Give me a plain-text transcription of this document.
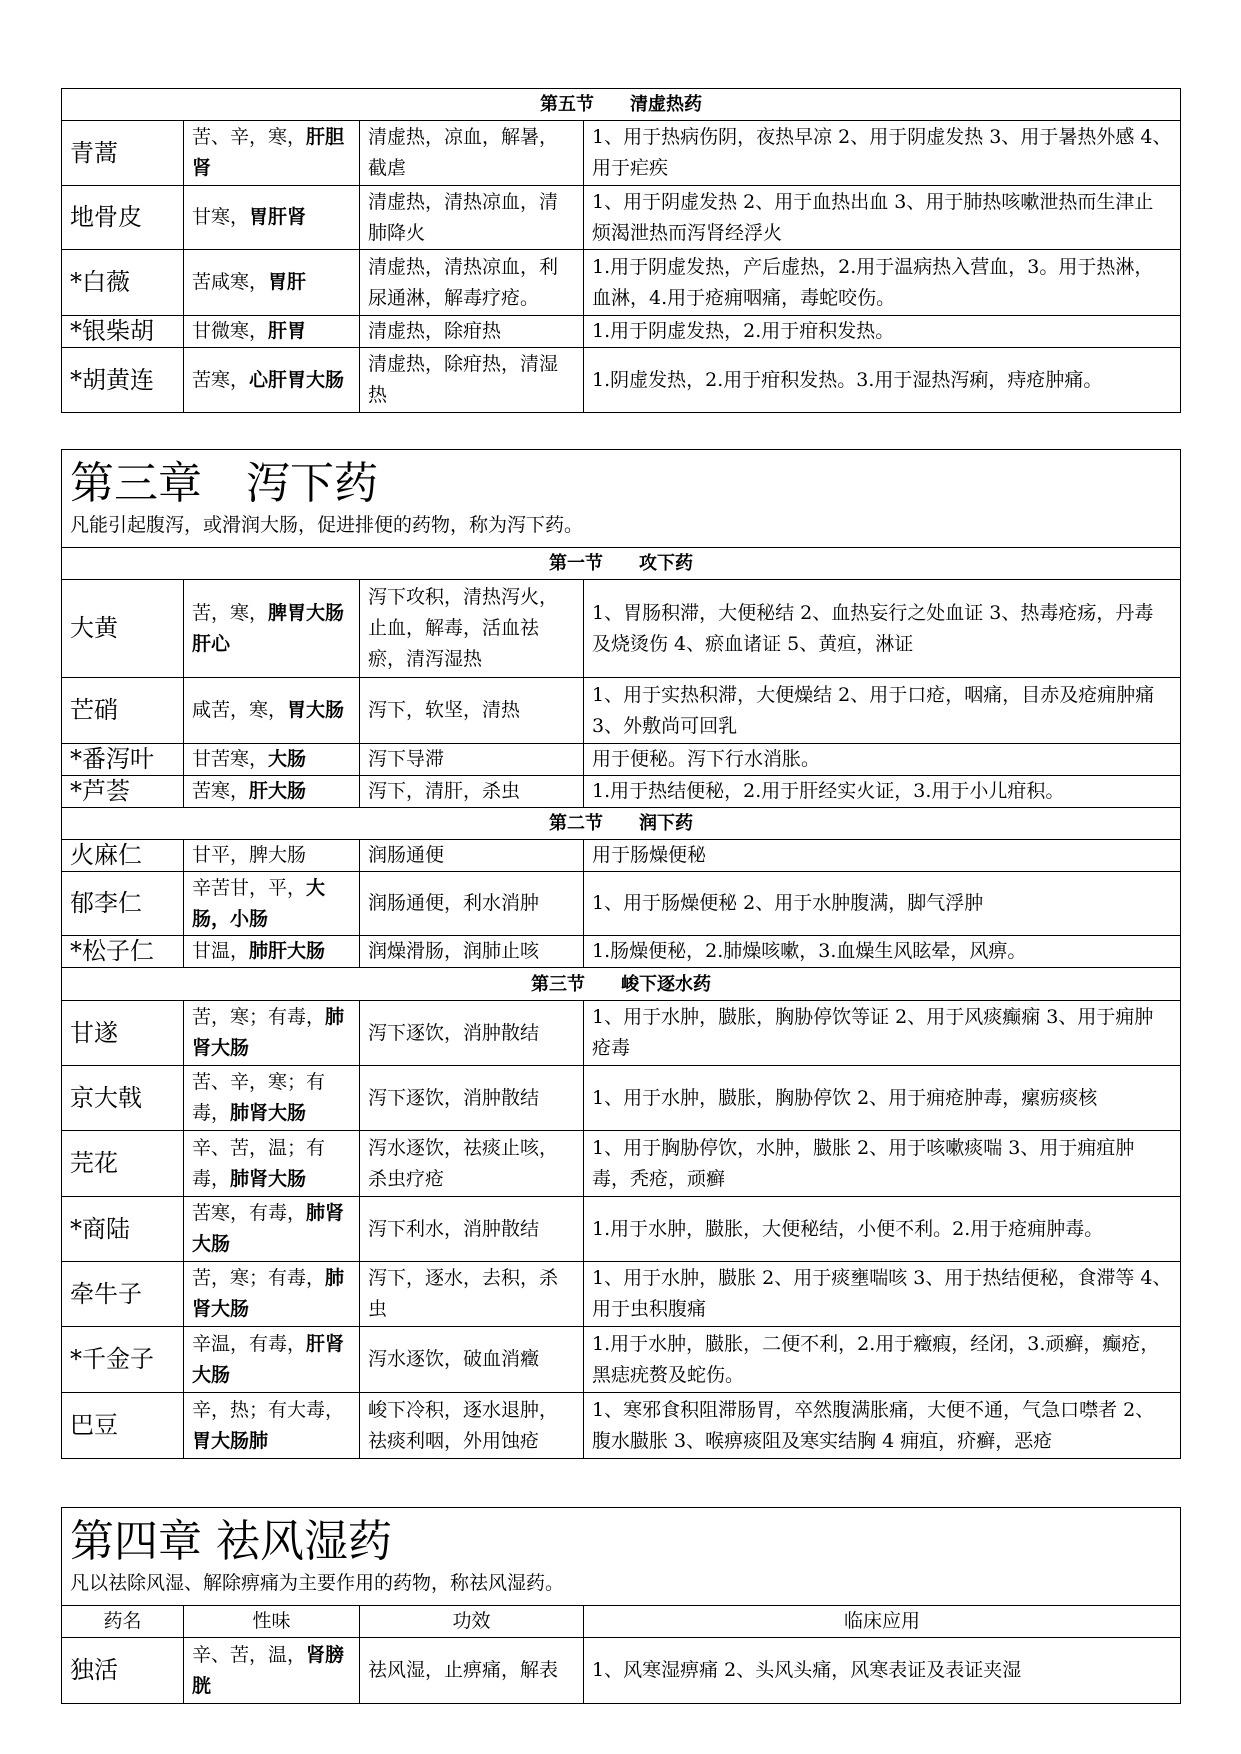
第五节　　清虚热药			
青蒿	苦、辛，寒，肝胆肾	清虚热，凉血，解暑，截虐	1、用于热病伤阴，夜热早凉 2、用于阴虚发热 3、用于暑热外感 4、用于疟疾
地骨皮	甘寒，胃肝肾	清虚热，清热凉血，清肺降火	1、用于阴虚发热 2、用于血热出血 3、用于肺热咳嗽泄热而生津止烦渴泄热而泻肾经浮火
*白薇	苦咸寒，胃肝	清虚热，清热凉血，利尿通淋，解毒疗疮。	1.用于阴虚发热，产后虚热，2.用于温病热入营血，3。用于热淋，血淋，4.用于疮痈咽痛，毒蛇咬伤。
*银柴胡	甘微寒，肝胃	清虚热，除疳热	1.用于阴虚发热，2.用于疳积发热。
*胡黄连	苦寒，心肝胃大肠	清虚热，除疳热，清湿热	1.阴虚发热，2.用于疳积发热。3.用于湿热泻痢，痔疮肿痛。
第三章　泻下药
凡能引起腹泻，或滑润大肠，促进排便的药物，称为泻下药。			

第一节　　攻下药			
大黄	苦，寒，脾胃大肠肝心	泻下攻积，清热泻火，止血，解毒，活血祛瘀，清泻湿热	1、胃肠积滞，大便秘结 2、血热妄行之处血证 3、热毒疮疡，丹毒及烧烫伤 4、瘀血诸证 5、黄疸，淋证
芒硝	咸苦，寒，胃大肠	泻下，软坚，清热	1、用于实热积滞，大便燥结 2、用于口疮，咽痛，目赤及疮痈肿痛 3、外敷尚可回乳
*番泻叶	甘苦寒，大肠	泻下导滞	用于便秘。泻下行水消胀。
*芦荟	苦寒，肝大肠	泻下，清肝，杀虫	1.用于热结便秘，2.用于肝经实火证，3.用于小儿疳积。
第二节　　润下药			
火麻仁	甘平，脾大肠	润肠通便	用于肠燥便秘
郁李仁	辛苦甘，平，大肠，小肠	润肠通便，利水消肿	1、用于肠燥便秘 2、用于水肿腹满，脚气浮肿
*松子仁	甘温，肺肝大肠	润燥滑肠，润肺止咳	1.肠燥便秘，2.肺燥咳嗽，3.血燥生风眩晕，风痹。
第三节　　峻下逐水药			
甘遂	苦，寒；有毒，肺肾大肠	泻下逐饮，消肿散结	1、用于水肿，臌胀，胸胁停饮等证 2、用于风痰癫痫 3、用于痈肿疮毒
京大戟	苦、辛，寒；有毒，肺肾大肠	泻下逐饮，消肿散结	1、用于水肿，臌胀，胸胁停饮 2、用于痈疮肿毒，瘰疬痰核
芫花	辛、苦，温；有毒，肺肾大肠	泻水逐饮，祛痰止咳，杀虫疗疮	1、用于胸胁停饮，水肿，臌胀 2、用于咳嗽痰喘 3、用于痈疽肿毒，秃疮，顽癣
*商陆	苦寒，有毒，肺肾大肠	泻下利水，消肿散结	1.用于水肿，臌胀，大便秘结，小便不利。2.用于疮痈肿毒。
牵牛子	苦，寒；有毒，肺肾大肠	泻下，逐水，去积，杀虫	1、用于水肿，臌胀 2、用于痰壅喘咳 3、用于热结便秘，食滞等 4、用于虫积腹痛
*千金子	辛温，有毒，肝肾大肠	泻水逐饮，破血消癥	1.用于水肿，臌胀，二便不利，2.用于癥瘕，经闭，3.顽癣，癫疮，黑痣疣赘及蛇伤。
巴豆	辛，热；有大毒，胃大肠肺	峻下冷积，逐水退肿，祛痰利咽，外用蚀疮	1、寒邪食积阻滞肠胃，卒然腹满胀痛，大便不通，气急口噤者 2、腹水臌胀 3、喉痹痰阻及寒实结胸 4 痈疽，疥癣，恶疮
第四章 祛风湿药
凡以祛除风湿、解除痹痛为主要作用的药物，称祛风湿药。			

药名	性味	功效	临床应用
独活	辛、苦，温，肾膀胱	祛风湿，止痹痛，解表	1、风寒湿痹痛 2、头风头痛，风寒表证及表证夹湿
